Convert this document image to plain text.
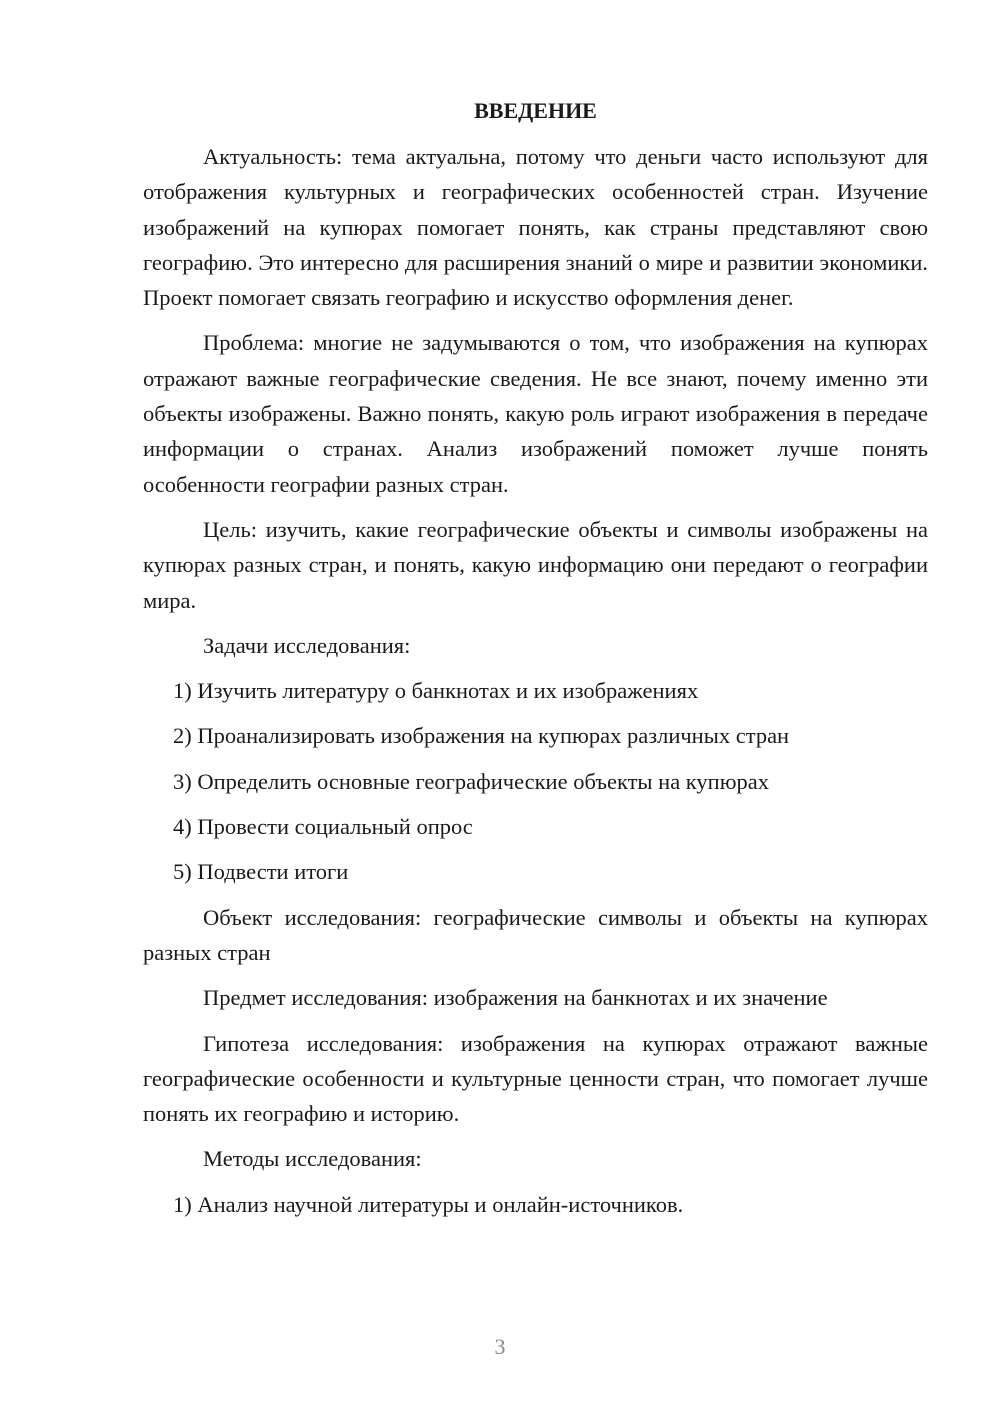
ВВЕДЕНИЕ

Актуальность: тема актуальна, потому что деньги часто используют для отображения культурных и географических особенностей стран. Изучение изображений на купюрах помогает понять, как страны представляют свою географию. Это интересно для расширения знаний о мире и развитии экономики. Проект помогает связать географию и искусство оформления денег.

Проблема: многие не задумываются о том, что изображения на купюрах отражают важные географические сведения. Не все знают, почему именно эти объекты изображены. Важно понять, какую роль играют изображения в передаче информации о странах. Анализ изображений поможет лучше понять особенности географии разных стран.

Цель: изучить, какие географические объекты и символы изображены на купюрах разных стран, и понять, какую информацию они передают о географии мира.

Задачи исследования:

1) Изучить литературу о банкнотах и их изображениях
2) Проанализировать изображения на купюрах различных стран
3) Определить основные географические объекты на купюрах
4) Провести социальный опрос
5) Подвести итоги

Объект исследования: географические символы и объекты на купюрах разных стран

Предмет исследования: изображения на банкнотах и их значение

Гипотеза исследования: изображения на купюрах отражают важные географические особенности и культурные ценности стран, что помогает лучше понять их географию и историю.

Методы исследования:

1) Анализ научной литературы и онлайн-источников.
3
